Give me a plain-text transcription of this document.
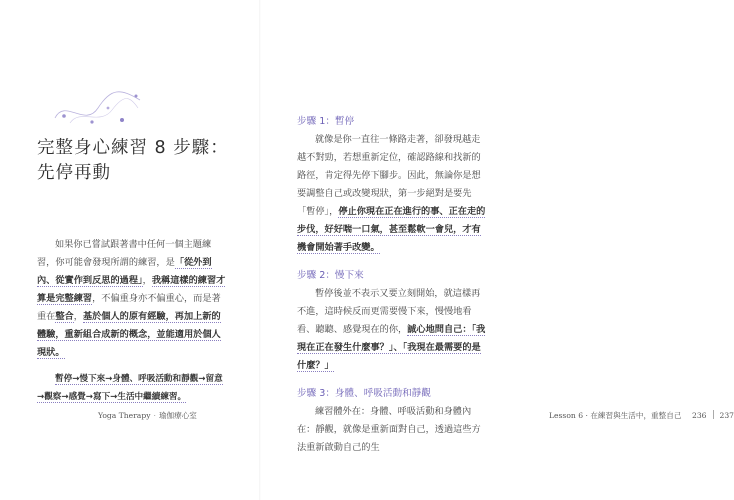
完整身心練習 8 步驟：
先停再動

如果你已嘗試跟著書中任何一個主題練習，你可能會發現所謂的練習，是「從外到內、從實作到反思的過程」，我稱這樣的練習才算是完整練習，不偏重身亦不偏重心，而是著重在整合，基於個人的原有經驗，再加上新的體驗，重新組合成新的概念，並能適用於個人現狀。

暫停→慢下來→身體、呼吸活動和靜觀→留意→觀察→感覺→寫下→生活中繼續練習。

Yoga Therapy · 瑜伽療心室

步驟 1：暫停

就像是你一直往一條路走著，卻發現越走越不對勁，若想重新定位，確認路線和找新的路徑，肯定得先停下腳步。因此，無論你是想要調整自己或改變現狀，第一步絕對是要先「暫停」，停止你現在正在進行的事、正在走的步伐，好好喘一口氣，甚至鬆軟一會兒，才有機會開始著手改變。

步驟 2：慢下來

暫停後並不表示又要立刻開始，就這樣再不進，這時候反而更需要慢下來，慢慢地看看、聽聽、感覺現在的你，誠心地問自己：「我現在正在發生什麼事？」、「我現在最需要的是什麼？」

步驟 3：身體、呼吸活動和靜觀

練習體外在：身體、呼吸活動和身體內在：靜觀，就像是重新面對自己，透過這些方法重新啟動自己的生

Lesson 6 · 在練習與生活中，重整自己 236 237
